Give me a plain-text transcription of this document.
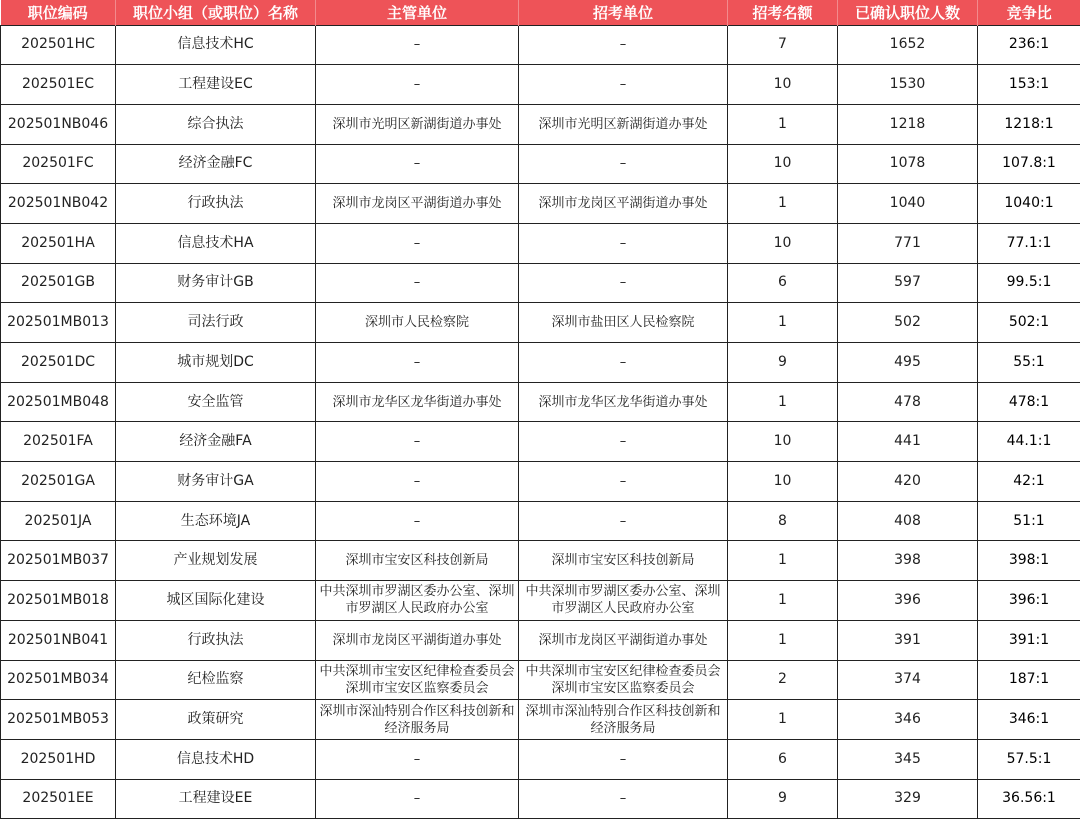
职位编码	职位小组（或职位）名称	主管单位	招考单位	招考名额	已确认职位人数	竞争比
202501HC	信息技术HC	–	–	7	1652	236:1
202501EC	工程建设EC	–	–	10	1530	153:1
202501NB046	综合执法	深圳市光明区新湖街道办事处	深圳市光明区新湖街道办事处	1	1218	1218:1
202501FC	经济金融FC	–	–	10	1078	107.8:1
202501NB042	行政执法	深圳市龙岗区平湖街道办事处	深圳市龙岗区平湖街道办事处	1	1040	1040:1
202501HA	信息技术HA	–	–	10	771	77.1:1
202501GB	财务审计GB	–	–	6	597	99.5:1
202501MB013	司法行政	深圳市人民检察院	深圳市盐田区人民检察院	1	502	502:1
202501DC	城市规划DC	–	–	9	495	55:1
202501MB048	安全监管	深圳市龙华区龙华街道办事处	深圳市龙华区龙华街道办事处	1	478	478:1
202501FA	经济金融FA	–	–	10	441	44.1:1
202501GA	财务审计GA	–	–	10	420	42:1
202501JA	生态环境JA	–	–	8	408	51:1
202501MB037	产业规划发展	深圳市宝安区科技创新局	深圳市宝安区科技创新局	1	398	398:1
202501MB018	城区国际化建设	中共深圳市罗湖区委办公室、深圳市罗湖区人民政府办公室	中共深圳市罗湖区委办公室、深圳市罗湖区人民政府办公室	1	396	396:1
202501NB041	行政执法	深圳市龙岗区平湖街道办事处	深圳市龙岗区平湖街道办事处	1	391	391:1
202501MB034	纪检监察	中共深圳市宝安区纪律检查委员会深圳市宝安区监察委员会	中共深圳市宝安区纪律检查委员会深圳市宝安区监察委员会	2	374	187:1
202501MB053	政策研究	深圳市深汕特别合作区科技创新和经济服务局	深圳市深汕特别合作区科技创新和经济服务局	1	346	346:1
202501HD	信息技术HD	–	–	6	345	57.5:1
202501EE	工程建设EE	–	–	9	329	36.56:1
